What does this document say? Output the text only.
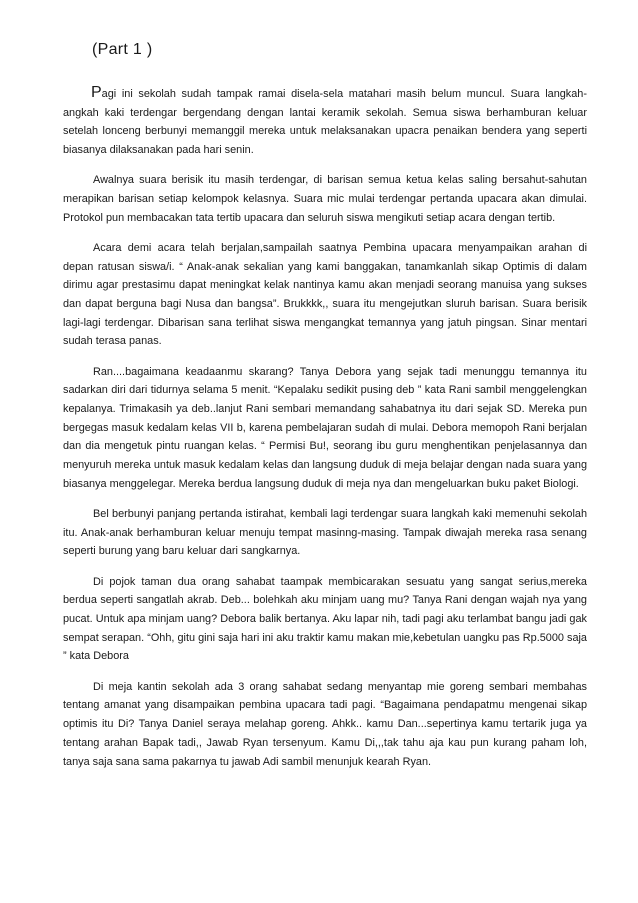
(Part 1 )

Pagi ini sekolah sudah tampak ramai disela-sela matahari masih belum muncul. Suara langkah-angkah kaki terdengar bergendang dengan lantai keramik sekolah. Semua siswa berhamburan keluar setelah lonceng berbunyi memanggil mereka untuk melaksanakan upacra penaikan bendera yang seperti biasanya dilaksanakan pada hari senin.

Awalnya suara berisik itu masih terdengar, di barisan semua ketua kelas saling bersahut-sahutan merapikan barisan setiap kelompok kelasnya. Suara mic mulai terdengar pertanda upacara akan dimulai. Protokol pun membacakan tata tertib upacara dan seluruh siswa mengikuti setiap acara dengan tertib.

Acara demi acara telah berjalan,sampailah saatnya Pembina upacara menyampaikan arahan di depan ratusan siswa/i. “ Anak-anak sekalian yang kami banggakan, tanamkanlah sikap Optimis di dalam dirimu agar prestasimu dapat meningkat kelak nantinya kamu akan menjadi seorang manuisa yang sukses dan dapat berguna bagi Nusa dan bangsa”. Brukkkk,, suara itu mengejutkan sluruh barisan. Suara berisik lagi-lagi terdengar. Dibarisan sana terlihat siswa mengangkat temannya yang jatuh pingsan. Sinar mentari sudah terasa panas.

Ran....bagaimana keadaanmu skarang? Tanya Debora yang sejak tadi menunggu temannya itu sadarkan diri dari tidurnya selama 5 menit. “Kepalaku sedikit pusing deb ” kata Rani sambil menggelengkan kepalanya. Trimakasih ya deb..lanjut Rani sembari memandang sahabatnya itu dari sejak SD. Mereka pun bergegas masuk kedalam kelas VII b, karena pembelajaran sudah di mulai. Debora memopoh Rani berjalan dan dia mengetuk pintu ruangan kelas. “ Permisi Bu!, seorang ibu guru menghentikan penjelasannya dan menyuruh mereka untuk masuk kedalam kelas dan langsung duduk di meja belajar dengan nada suara yang biasanya menggelegar. Mereka berdua langsung duduk di meja nya dan mengeluarkan buku paket Biologi.

Bel berbunyi panjang pertanda istirahat, kembali lagi terdengar suara langkah kaki memenuhi sekolah itu. Anak-anak berhamburan keluar menuju tempat masinng-masing. Tampak diwajah mereka rasa senang seperti burung yang baru keluar dari sangkarnya.

Di pojok taman dua orang sahabat taampak membicarakan sesuatu yang sangat serius,mereka berdua seperti sangatlah akrab. Deb... bolehkah aku minjam uang mu? Tanya Rani dengan wajah nya yang pucat. Untuk apa minjam uang? Debora balik bertanya. Aku lapar nih, tadi pagi aku terlambat bangu jadi gak sempat serapan. “Ohh, gitu gini saja hari ini aku traktir kamu makan mie,kebetulan uangku pas Rp.5000 saja ” kata Debora

Di meja kantin sekolah ada 3 orang sahabat sedang menyantap mie goreng sembari membahas tentang amanat yang disampaikan pembina upacara tadi pagi. “Bagaimana pendapatmu mengenai sikap optimis itu Di? Tanya Daniel seraya melahap goreng. Ahkk.. kamu Dan...sepertinya kamu tertarik juga ya tentang arahan Bapak tadi,, Jawab Ryan tersenyum. Kamu Di,,,tak tahu aja kau pun kurang paham loh, tanya saja sana sama pakarnya tu jawab Adi sambil menunjuk kearah Ryan.
